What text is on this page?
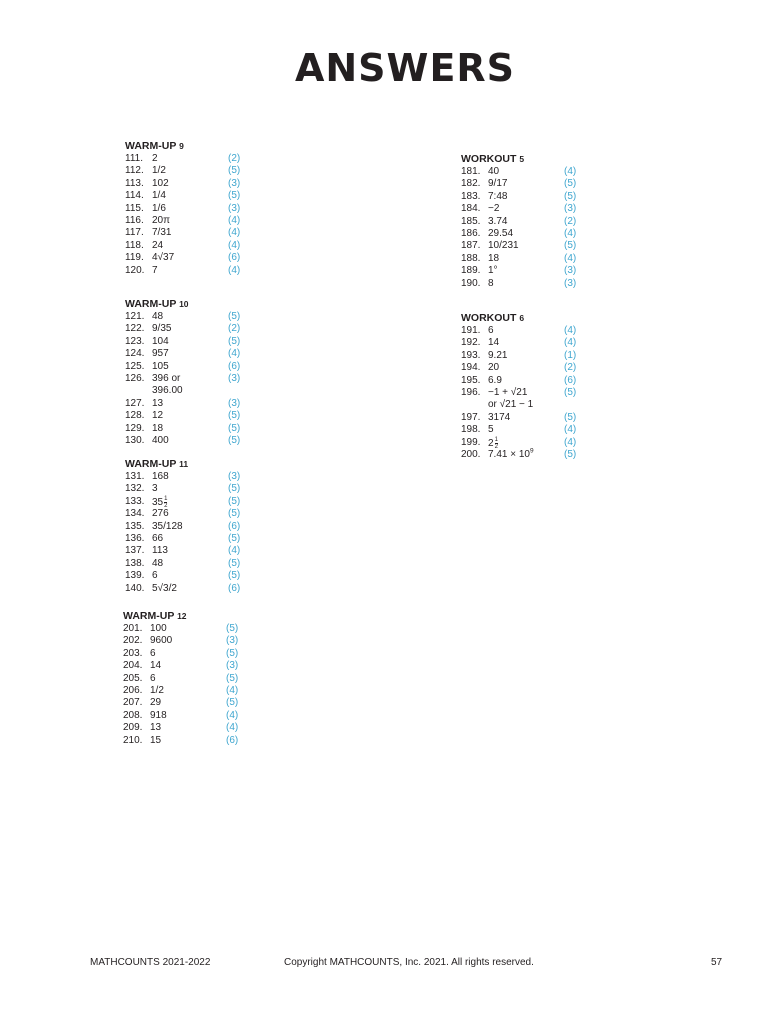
ANSWERS
WARM-UP 9
111. 2	(2)
112. 1/2	(5)
113. 102	(3)
114. 1/4	(5)
115. 1/6	(3)
116. 20π	(4)
117. 7/31	(4)
118. 24	(4)
119. 4√37	(6)
120. 7	(4)
WARM-UP 10
121. 48	(5)
122. 9/35	(2)
123. 104	(5)
124. 957	(4)
125. 105	(6)
126. 396 or	(3)
396.00
127. 13	(3)
128. 12	(5)
129. 18	(5)
130. 400	(5)
WARM-UP 11
131. 168	(3)
132. 3	(5)
133. $35 \frac{1}{2}$	(5)
134. 276	(5)
135. 35/128	(6)
136. 66	(5)
137. 113	(4)
138. 48	(5)
139. 6	(5)
140. 5√3/2	(6)
WARM-UP 12
201. 100	(5)
202. 9600	(3)
203. 6	(5)
204. 14	(3)
205. 6	(5)
206. 1/2	(4)
207. 29	(5)
208. 918	(4)
209. 13	(4)
210. 15	(6)
WORKOUT 5
181. 40	(4)
182. 9/17	(5)
183. 7:48	(5)
184. −2	(3)
185. 3.74	(2)
186. 29.54	(4)
187. 10/231	(5)
188. 18	(4)
189. 1°	(3)
190. 8	(3)
WORKOUT 6
191. 6	(4)
192. 14	(4)
193. 9.21	(1)
194. 20	(2)
195. 6.9	(6)
196. −1 + √21	(5)
or √21 − 1
197. 3174	(5)
198. 5	(4)
199. $2 \frac{1}{2}$	(4)
200. $7.41 \times 10^9$	(5)
MATHCOUNTS 2021-2022	Copyright MATHCOUNTS, Inc. 2021. All rights reserved.	57
